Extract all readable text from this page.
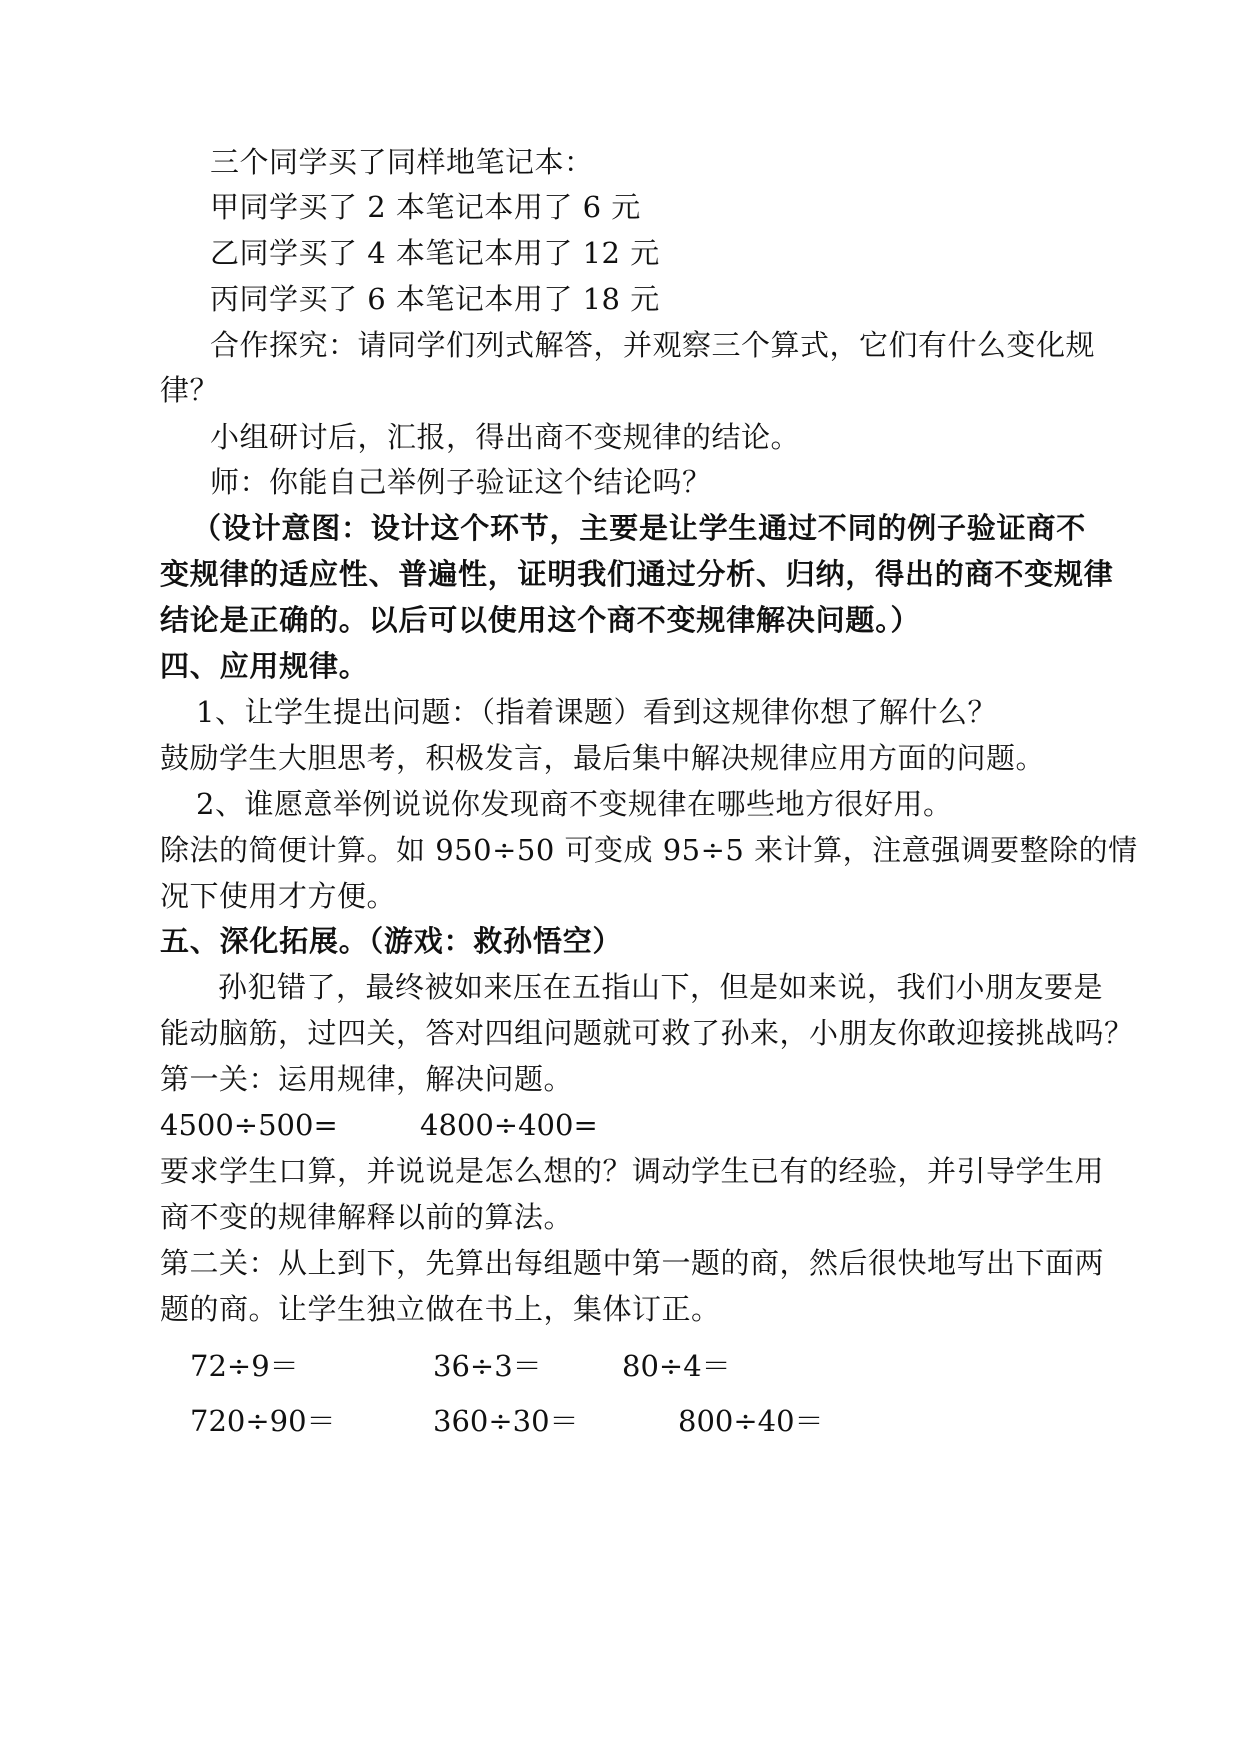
三个同学买了同样地笔记本：
甲同学买了 2 本笔记本用了 6 元
乙同学买了 4 本笔记本用了 12 元
丙同学买了 6 本笔记本用了 18 元
合作探究：请同学们列式解答，并观察三个算式，它们有什么变化规
律？
小组研讨后，汇报，得出商不变规律的结论。
师：你能自己举例子验证这个结论吗？
（设计意图：设计这个环节，主要是让学生通过不同的例子验证商不
变规律的适应性、普遍性，证明我们通过分析、归纳，得出的商不变规律
结论是正确的。以后可以使用这个商不变规律解决问题。）
四、应用规律。
1、让学生提出问题：（指着课题）看到这规律你想了解什么？
鼓励学生大胆思考，积极发言，最后集中解决规律应用方面的问题。
2、谁愿意举例说说你发现商不变规律在哪些地方很好用。
除法的简便计算。如 950÷50 可变成 95÷5 来计算，注意强调要整除的情
况下使用才方便。
五、深化拓展。（游戏：救孙悟空）
孙犯错了，最终被如来压在五指山下，但是如来说，我们小朋友要是
能动脑筋，过四关，答对四组问题就可救了孙来，小朋友你敢迎接挑战吗？
第一关：运用规律，解决问题。
4500÷500=	4800÷400=
要求学生口算，并说说是怎么想的？调动学生已有的经验，并引导学生用
商不变的规律解释以前的算法。
第二关：从上到下，先算出每组题中第一题的商，然后很快地写出下面两
题的商。让学生独立做在书上，集体订正。
72÷9＝	36÷3＝	80÷4＝
720÷90＝	360÷30＝	800÷40＝
